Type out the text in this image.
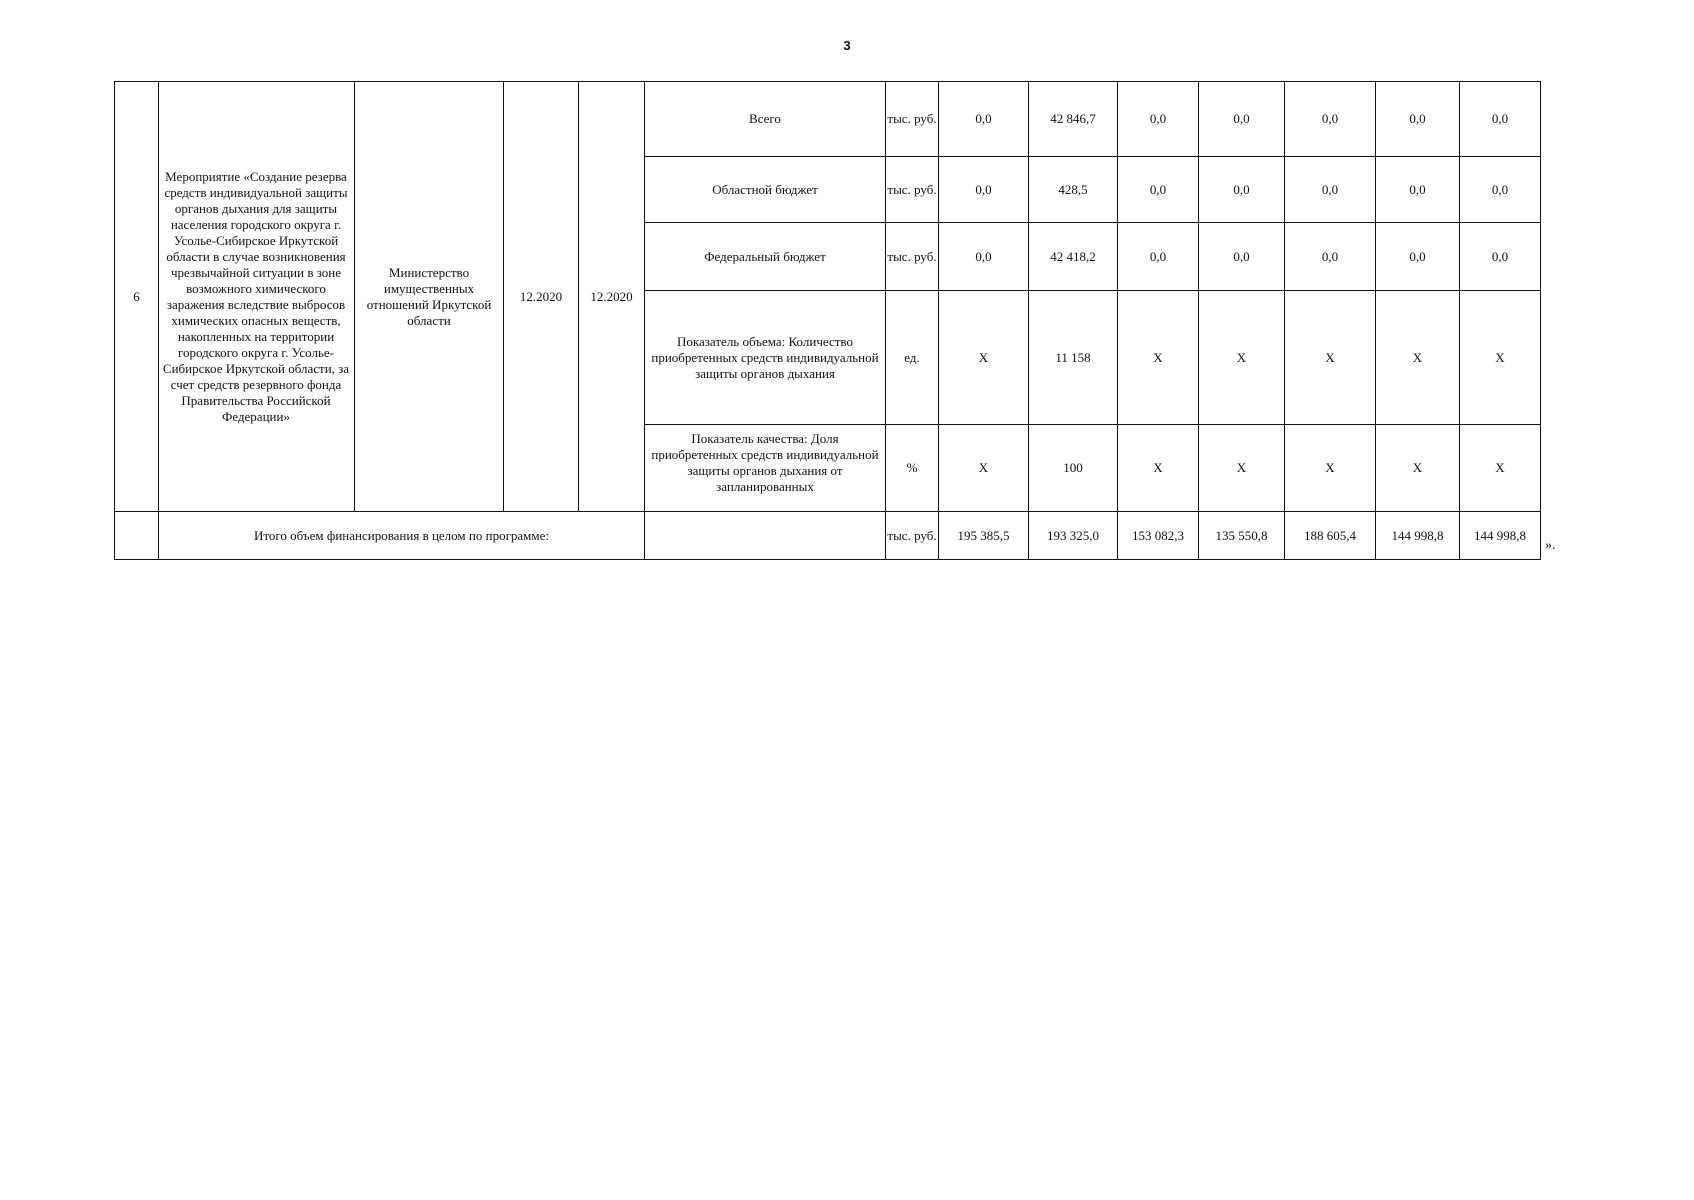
3
6	Мероприятие «Создание резерва средств индивидуальной защиты органов дыхания для защиты населения городского округа г. Усолье-Сибирское Иркутской области в случае возникновения чрезвычайной ситуации в зоне возможного химического заражения вследствие выбросов химических опасных веществ, накопленных на территории городского округа г. Усолье-Сибирское Иркутской области, за счет средств резервного фонда Правительства Российской Федерации»	Министерство имущественных отношений Иркутской области	12.2020	12.2020	Всего	тыс. руб.	0,0	42 846,7	0,0	0,0	0,0	0,0	0,0
					Областной бюджет	тыс. руб.	0,0	428,5	0,0	0,0	0,0	0,0	0,0
					Федеральный бюджет	тыс. руб.	0,0	42 418,2	0,0	0,0	0,0	0,0	0,0
					Показатель объема: Количество приобретенных средств индивидуальной защиты органов дыхания	ед.	Х	11 158	Х	Х	Х	Х	Х
					Показатель качества: Доля приобретенных средств индивидуальной защиты органов дыхания от запланированных	%	Х	100	Х	Х	Х	Х	Х
	Итого объем финансирования в целом по программе:					тыс. руб.	195 385,5	193 325,0	153 082,3	135 550,8	188 605,4	144 998,8	144 998,8
».
